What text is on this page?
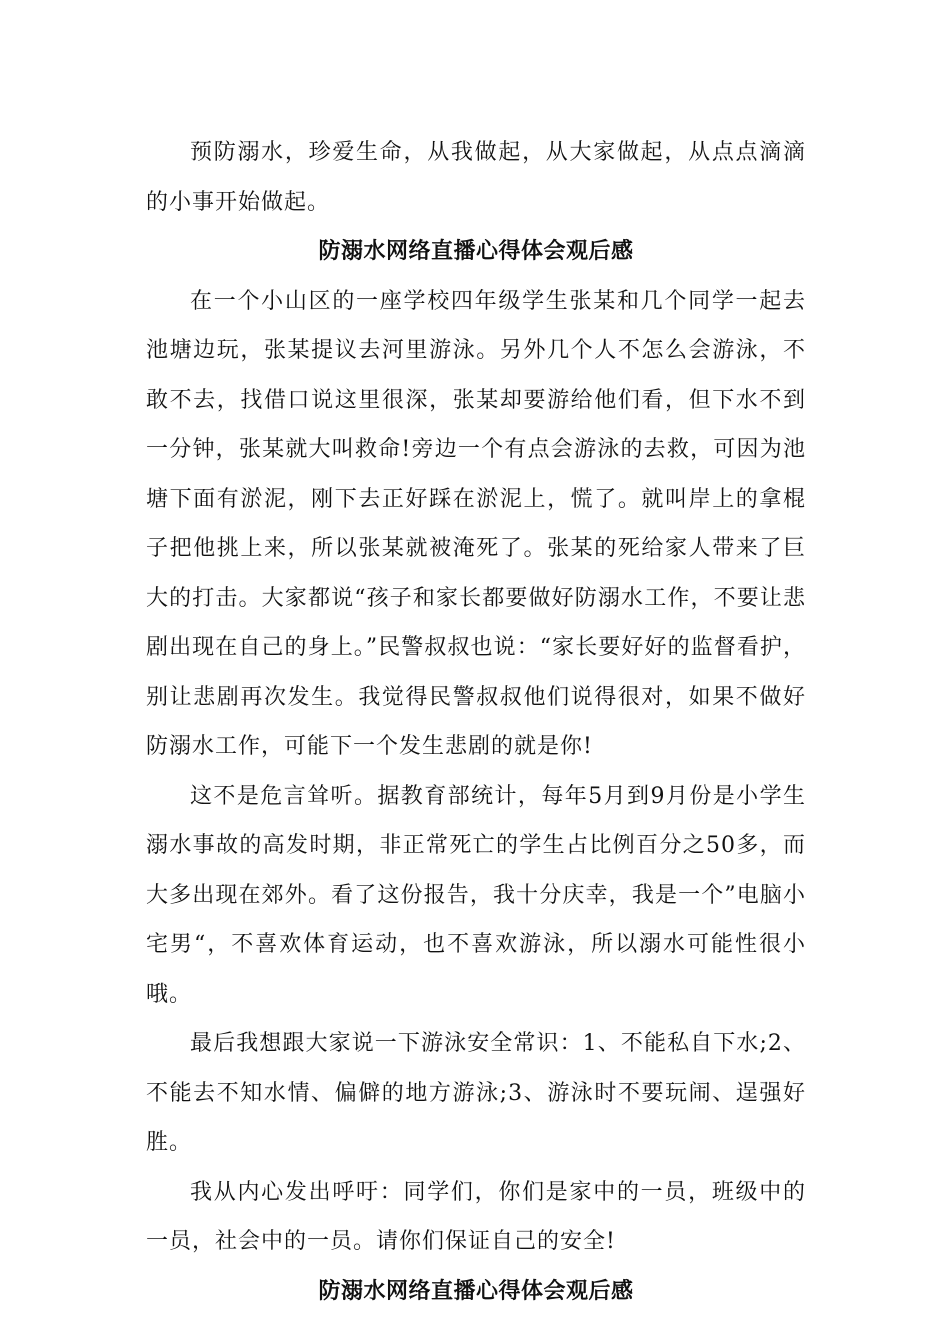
预防溺水，珍爱生命，从我做起，从大家做起，从点点滴滴的小事开始做起。

防溺水网络直播心得体会观后感

在一个小山区的一座学校四年级学生张某和几个同学一起去池塘边玩，张某提议去河里游泳。另外几个人不怎么会游泳，不敢不去，找借口说这里很深，张某却要游给他们看，但下水不到一分钟，张某就大叫救命!旁边一个有点会游泳的去救，可因为池塘下面有淤泥，刚下去正好踩在淤泥上，慌了。就叫岸上的拿棍子把他挑上来，所以张某就被淹死了。张某的死给家人带来了巨大的打击。大家都说“孩子和家长都要做好防溺水工作，不要让悲剧出现在自己的身上。”民警叔叔也说：“家长要好好的监督看护，别让悲剧再次发生。我觉得民警叔叔他们说得很对，如果不做好防溺水工作，可能下一个发生悲剧的就是你!

这不是危言耸听。据教育部统计，每年5月到9月份是小学生溺水事故的高发时期，非正常死亡的学生占比例百分之50多，而大多出现在郊外。看了这份报告，我十分庆幸，我是一个”电脑小宅男“，不喜欢体育运动，也不喜欢游泳，所以溺水可能性很小哦。

最后我想跟大家说一下游泳安全常识：1、不能私自下水;2、不能去不知水情、偏僻的地方游泳;3、游泳时不要玩闹、逞强好胜。

我从内心发出呼吁：同学们，你们是家中的一员，班级中的一员，社会中的一员。请你们保证自己的安全!

防溺水网络直播心得体会观后感
